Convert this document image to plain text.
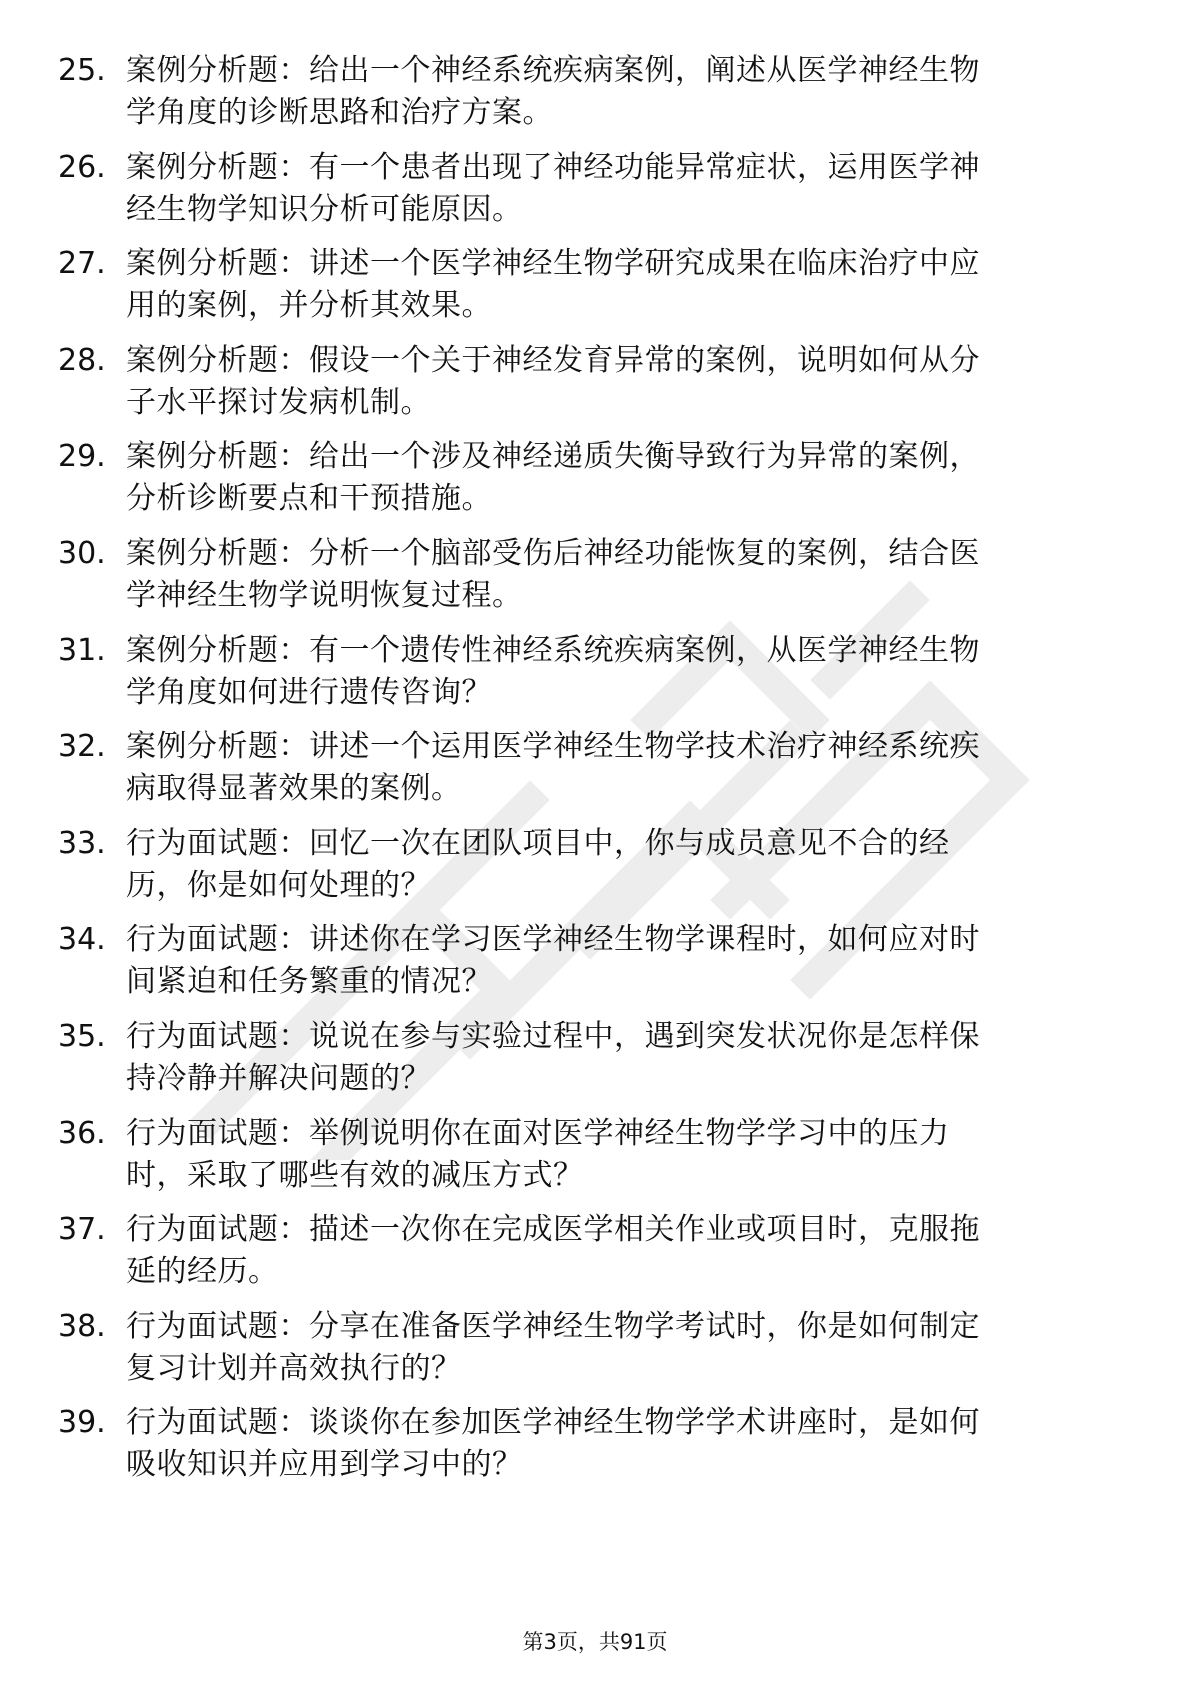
25. 案例分析题：给出一个神经系统疾病案例，阐述从医学神经生物
学角度的诊断思路和治疗方案。
26. 案例分析题：有一个患者出现了神经功能异常症状，运用医学神
经生物学知识分析可能原因。
27. 案例分析题：讲述一个医学神经生物学研究成果在临床治疗中应
用的案例，并分析其效果。
28. 案例分析题：假设一个关于神经发育异常的案例，说明如何从分
子水平探讨发病机制。
29. 案例分析题：给出一个涉及神经递质失衡导致行为异常的案例，
分析诊断要点和干预措施。
30. 案例分析题：分析一个脑部受伤后神经功能恢复的案例，结合医
学神经生物学说明恢复过程。
31. 案例分析题：有一个遗传性神经系统疾病案例，从医学神经生物
学角度如何进行遗传咨询？
32. 案例分析题：讲述一个运用医学神经生物学技术治疗神经系统疾
病取得显著效果的案例。
33. 行为面试题：回忆一次在团队项目中，你与成员意见不合的经
历，你是如何处理的？
34. 行为面试题：讲述你在学习医学神经生物学课程时，如何应对时
间紧迫和任务繁重的情况？
35. 行为面试题：说说在参与实验过程中，遇到突发状况你是怎样保
持冷静并解决问题的？
36. 行为面试题：举例说明你在面对医学神经生物学学习中的压力
时，采取了哪些有效的减压方式？
37. 行为面试题：描述一次你在完成医学相关作业或项目时，克服拖
延的经历。
38. 行为面试题：分享在准备医学神经生物学考试时，你是如何制定
复习计划并高效执行的？
39. 行为面试题：谈谈你在参加医学神经生物学学术讲座时，是如何
吸收知识并应用到学习中的？
第3页，共91页
